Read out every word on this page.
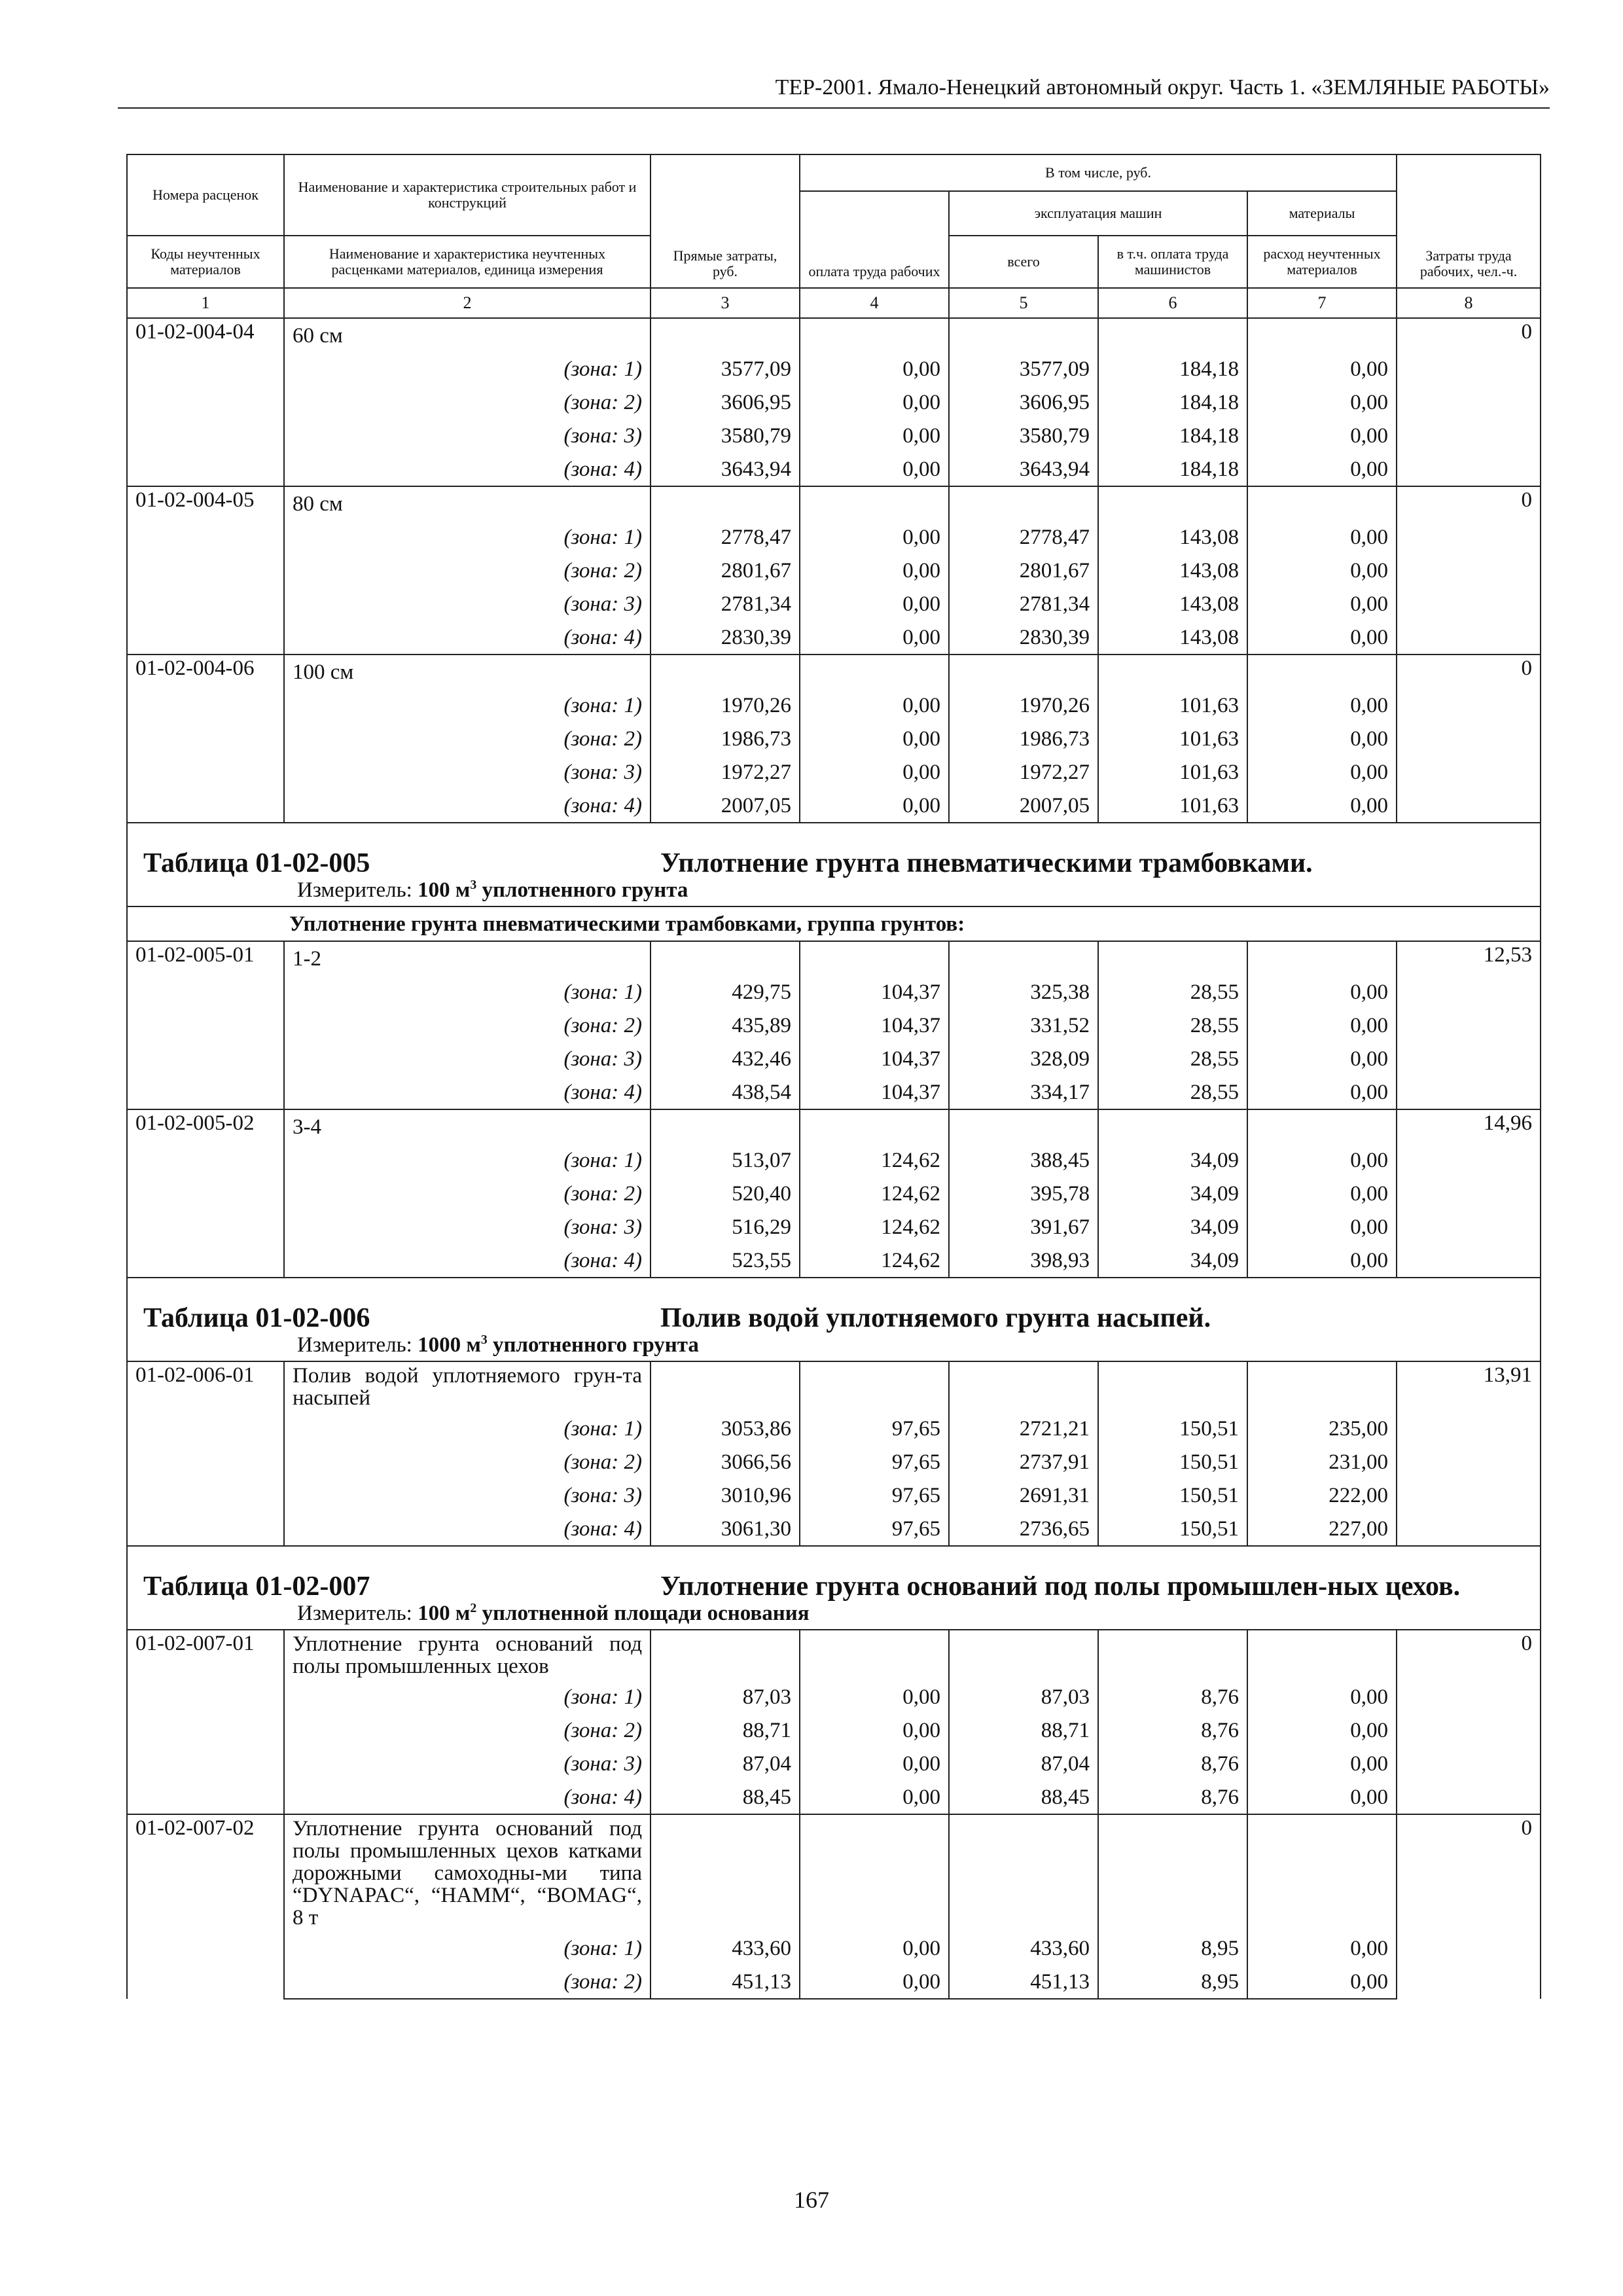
ТЕР-2001. Ямало-Ненецкий автономный округ. Часть 1. «ЗЕМЛЯНЫЕ РАБОТЫ»
Номера расценок	Наименование и характеристика строительных работ и конструкций	Прямые затраты, руб.	В том числе, руб.				Затраты труда рабочих, чел.-ч.
			оплата труда рабочих	эксплуатация машин		материалы	
Коды неучтенных материалов	Наименование и характеристика неучтенных расценками материалов, единица измерения			всего	в т.ч. оплата труда машинистов	расход неучтенных материалов	
1	2	3	4	5	6	7	8
01-02-004-04	60 см						0
	(зона: 1)	3577,09	0,00	3577,09	184,18	0,00	
	(зона: 2)	3606,95	0,00	3606,95	184,18	0,00	
	(зона: 3)	3580,79	0,00	3580,79	184,18	0,00	
	(зона: 4)	3643,94	0,00	3643,94	184,18	0,00	
01-02-004-05	80 см						0
	(зона: 1)	2778,47	0,00	2778,47	143,08	0,00	
	(зона: 2)	2801,67	0,00	2801,67	143,08	0,00	
	(зона: 3)	2781,34	0,00	2781,34	143,08	0,00	
	(зона: 4)	2830,39	0,00	2830,39	143,08	0,00	
01-02-004-06	100 см						0
	(зона: 1)	1970,26	0,00	1970,26	101,63	0,00	
	(зона: 2)	1986,73	0,00	1986,73	101,63	0,00	
	(зона: 3)	1972,27	0,00	1972,27	101,63	0,00	
	(зона: 4)	2007,05	0,00	2007,05	101,63	0,00	

Таблица 01-02-005 Уплотнение грунта пневматическими трамбовками.
Измеритель: 100 $м^3$ уплотненного грунта							

Уплотнение грунта пневматическими трамбовками, группа грунтов:							
01-02-005-01	1-2						12,53
	(зона: 1)	429,75	104,37	325,38	28,55	0,00	
	(зона: 2)	435,89	104,37	331,52	28,55	0,00	
	(зона: 3)	432,46	104,37	328,09	28,55	0,00	
	(зона: 4)	438,54	104,37	334,17	28,55	0,00	
01-02-005-02	3-4						14,96
	(зона: 1)	513,07	124,62	388,45	34,09	0,00	
	(зона: 2)	520,40	124,62	395,78	34,09	0,00	
	(зона: 3)	516,29	124,62	391,67	34,09	0,00	
	(зона: 4)	523,55	124,62	398,93	34,09	0,00	

Таблица 01-02-006 Полив водой уплотняемого грунта насыпей.
Измеритель: 1000 $м^3$ уплотненного грунта							

01-02-006-01	Полив водой уплотняемого грун-та насыпей						13,91
	(зона: 1)	3053,86	97,65	2721,21	150,51	235,00	
	(зона: 2)	3066,56	97,65	2737,91	150,51	231,00	
	(зона: 3)	3010,96	97,65	2691,31	150,51	222,00	
	(зона: 4)	3061,30	97,65	2736,65	150,51	227,00	

Таблица 01-02-007 Уплотнение грунта оснований под полы промышлен-ных цехов.
Измеритель: 100 $м^2$ уплотненной площади основания							

01-02-007-01	Уплотнение грунта оснований под полы промышленных цехов						0
	(зона: 1)	87,03	0,00	87,03	8,76	0,00	
	(зона: 2)	88,71	0,00	88,71	8,76	0,00	
	(зона: 3)	87,04	0,00	87,04	8,76	0,00	
	(зона: 4)	88,45	0,00	88,45	8,76	0,00	
01-02-007-02	Уплотнение грунта оснований под полы промышленных цехов катками дорожными самоходны-ми типа “DYNAPAC“, “HAMM“, “BOMAG“, 8 т						0
	(зона: 1)	433,60	0,00	433,60	8,95	0,00	
	(зона: 2)	451,13	0,00	451,13	8,95	0,00	
167
